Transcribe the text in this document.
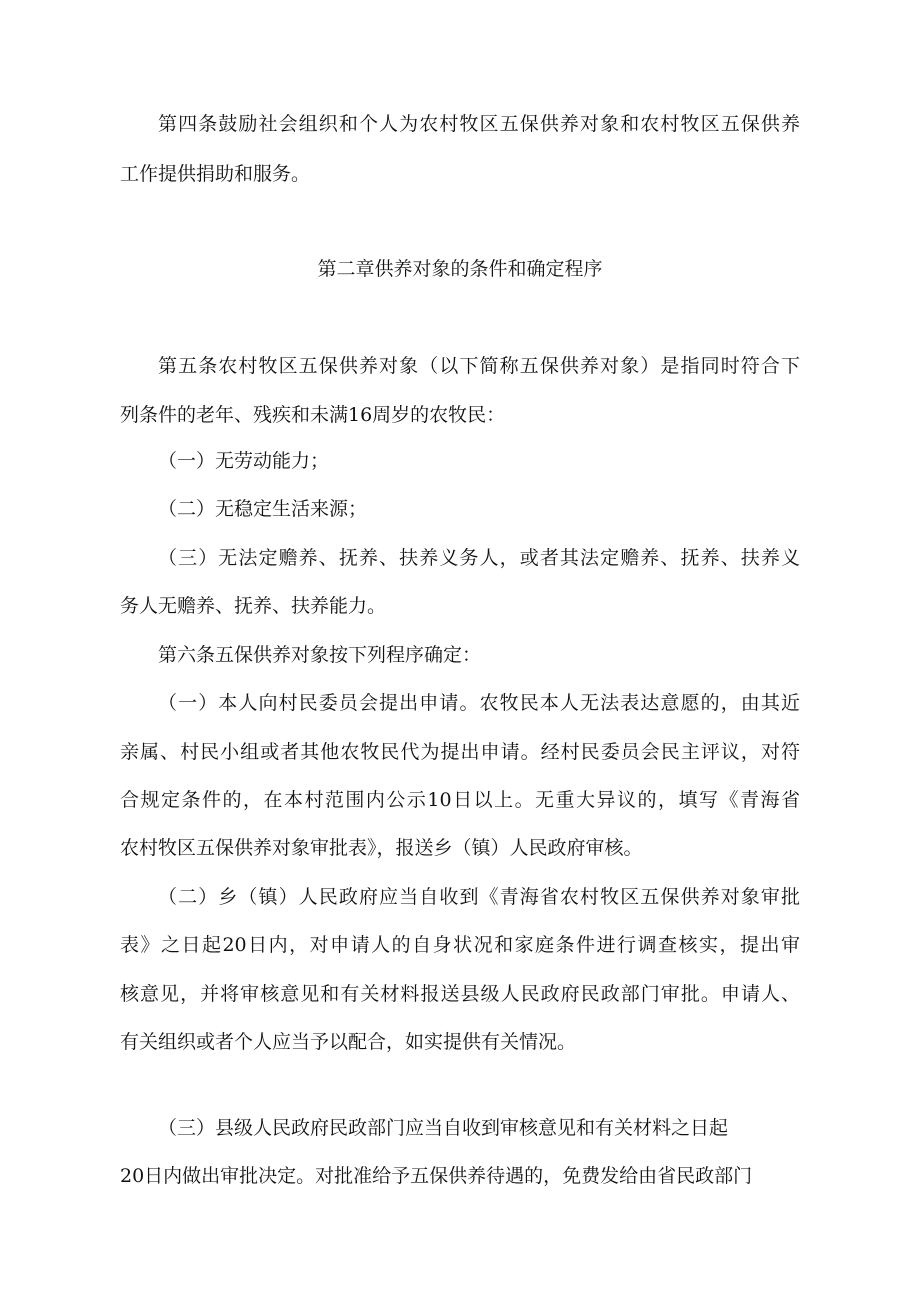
第四条鼓励社会组织和个人为农村牧区五保供养对象和农村牧区五保供养
工作提供捐助和服务。
第二章供养对象的条件和确定程序
第五条农村牧区五保供养对象（以下简称五保供养对象）是指同时符合下
列条件的老年、残疾和未满16周岁的农牧民：
（一）无劳动能力；
（二）无稳定生活来源；
（三）无法定赡养、抚养、扶养义务人，或者其法定赡养、抚养、扶养义
务人无赡养、抚养、扶养能力。
第六条五保供养对象按下列程序确定：
（一）本人向村民委员会提出申请。农牧民本人无法表达意愿的，由其近
亲属、村民小组或者其他农牧民代为提出申请。经村民委员会民主评议，对符
合规定条件的，在本村范围内公示10日以上。无重大异议的，填写《青海省
农村牧区五保供养对象审批表》，报送乡（镇）人民政府审核。
（二）乡（镇）人民政府应当自收到《青海省农村牧区五保供养对象审批
表》之日起20日内，对申请人的自身状况和家庭条件进行调查核实，提出审
核意见，并将审核意见和有关材料报送县级人民政府民政部门审批。申请人、
有关组织或者个人应当予以配合，如实提供有关情况。
（三）县级人民政府民政部门应当自收到审核意见和有关材料之日起
20日内做出审批决定。对批准给予五保供养待遇的，免费发给由省民政部门
